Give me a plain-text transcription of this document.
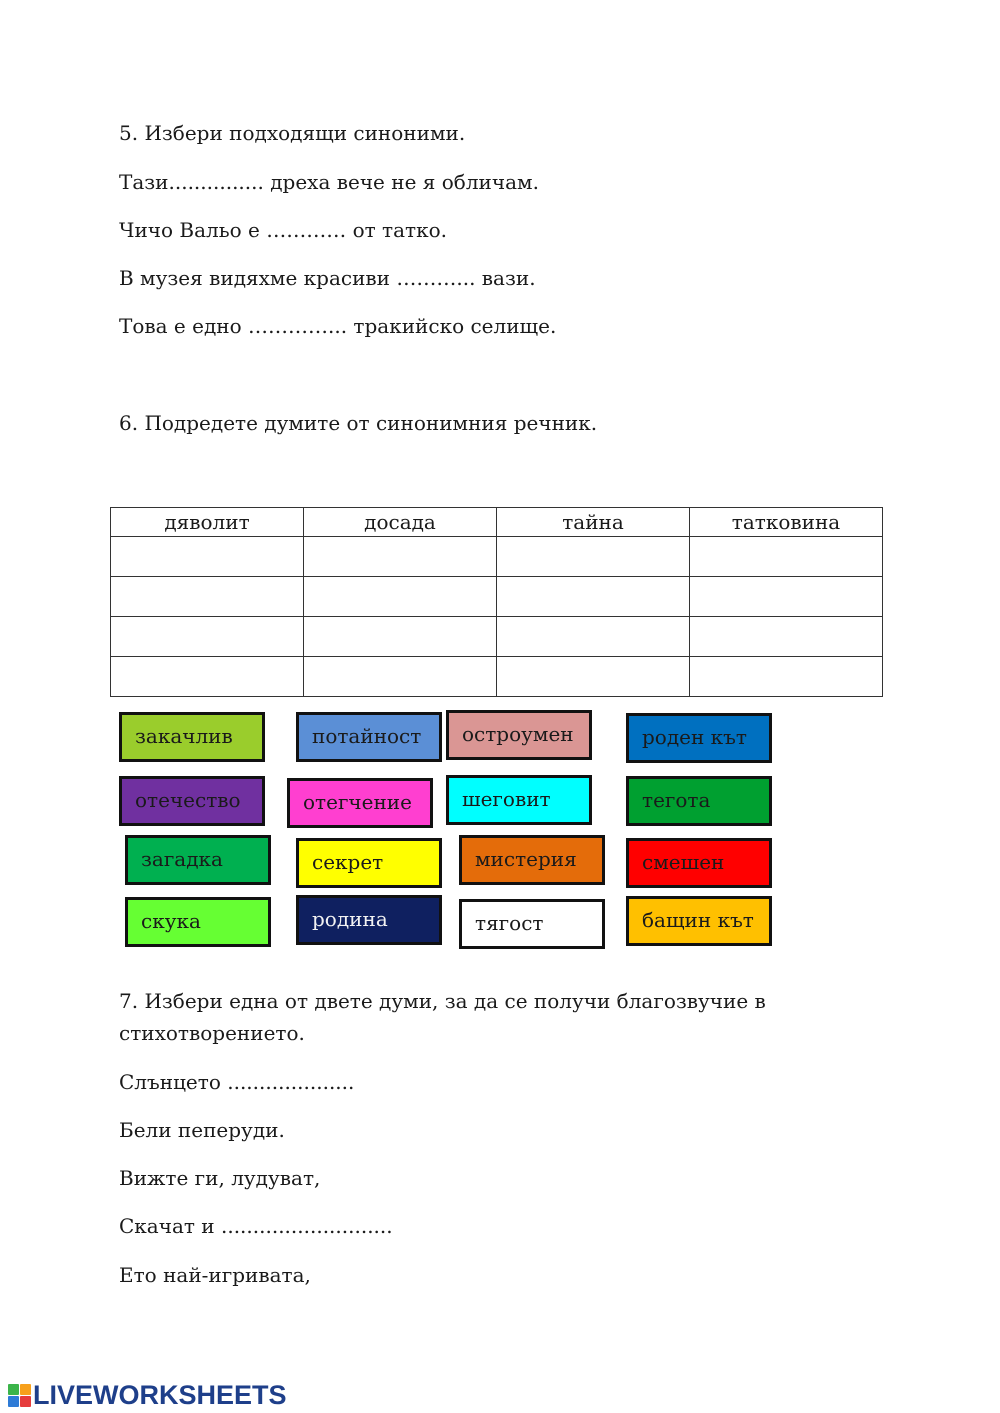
5. Избери подходящи синоними.

Тази............... дреха вече не я обличам.

Чичо Вальо е ………… от татко.

В музея видяхме красиви ………... вази.

Това е едно …………... тракийско селище.

6. Подредете думите от синонимния речник.

дяволит	досада	тайна	татковина

закачлив	потайност	остроумен	роден кът
отечество	отегчение	шеговит	тегота
загадка	секрет	мистерия	смешен
скука	родина	тягост	бащин кът

7. Избери една от двете думи, за да се получи благозвучие в

стихотворението.

Слънцето ....................

Бели пеперуди.

Вижте ги, лудуват,

Скачат и ...........................

Ето най-игривата,

LIVEWORKSHEETS
